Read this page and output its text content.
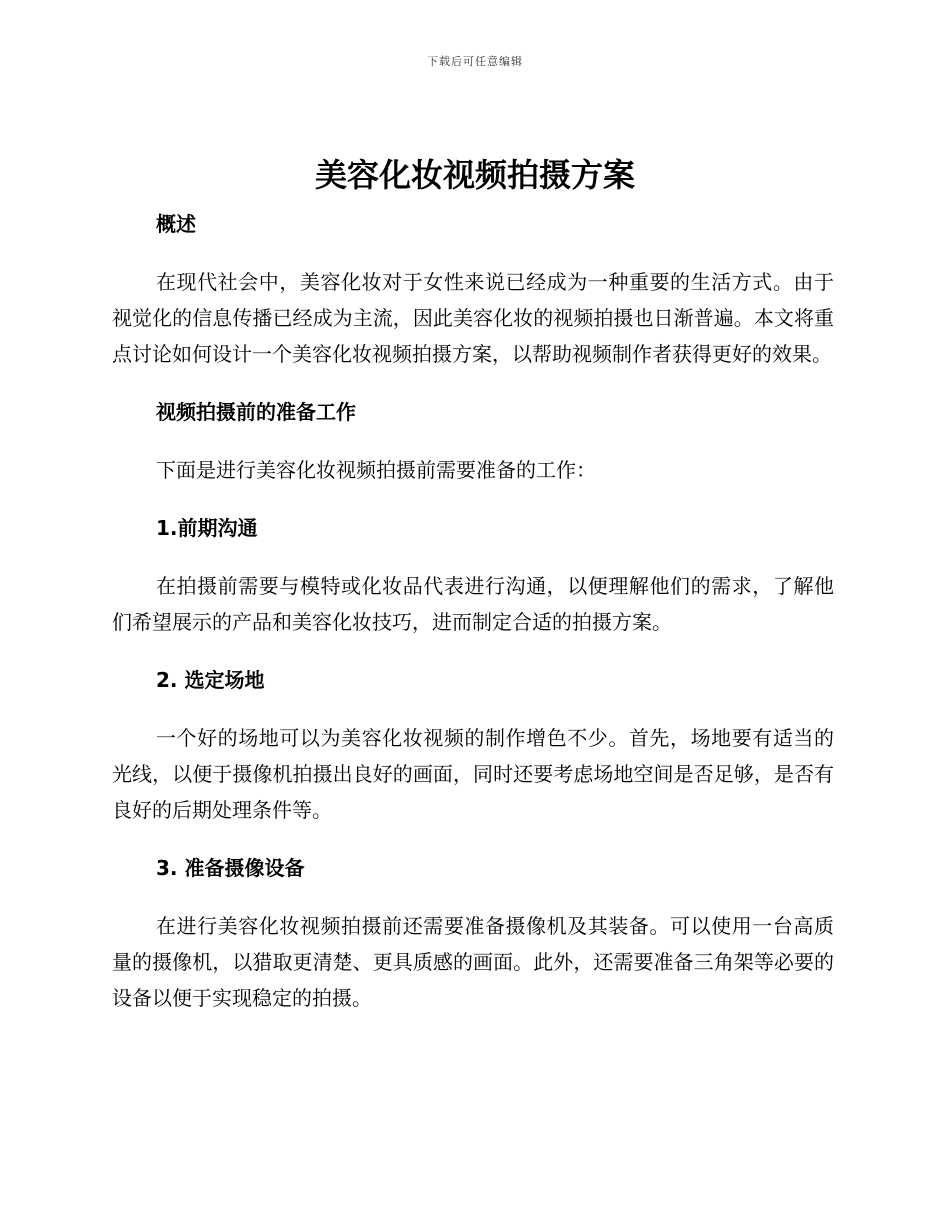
下载后可任意编辑
美容化妆视频拍摄方案

概述

在现代社会中，美容化妆对于女性来说已经成为一种重要的生活方式。由于视觉化的信息传播已经成为主流，因此美容化妆的视频拍摄也日渐普遍。本文将重点讨论如何设计一个美容化妆视频拍摄方案，以帮助视频制作者获得更好的效果。

视频拍摄前的准备工作

下面是进行美容化妆视频拍摄前需要准备的工作：

1.前期沟通

在拍摄前需要与模特或化妆品代表进行沟通，以便理解他们的需求，了解他们希望展示的产品和美容化妆技巧，进而制定合适的拍摄方案。

2. 选定场地

一个好的场地可以为美容化妆视频的制作增色不少。首先，场地要有适当的光线，以便于摄像机拍摄出良好的画面，同时还要考虑场地空间是否足够，是否有良好的后期处理条件等。

3. 准备摄像设备

在进行美容化妆视频拍摄前还需要准备摄像机及其装备。可以使用一台高质量的摄像机，以猎取更清楚、更具质感的画面。此外，还需要准备三角架等必要的设备以便于实现稳定的拍摄。
